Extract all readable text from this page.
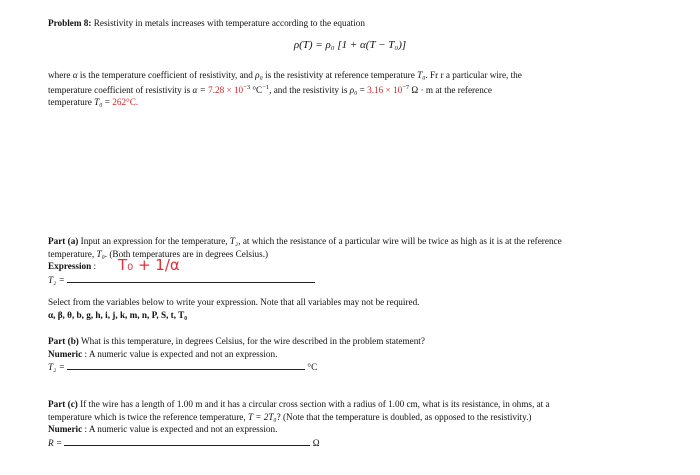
Problem 8: Resistivity in metals increases with temperature according to the equation
ρ(T) = ρ₀ [1 + α(T − T₀)]
where α is the temperature coefficient of resistivity, and ρ₀ is the resistivity at reference temperature T₀. Fr r a particular wire, the
temperature coefficient of resistivity is $\alpha = 7.28 \times 10^{-3}$ $^\circ C^{-1}$, and the resistivity is $\rho_0 = 3.16 \times 10^{-7}$ Ω · m at the reference
temperature T₀ = 262°C.
Part (a) Input an expression for the temperature, T₂, at which the resistance of a particular wire will be twice as high as it is at the reference
temperature, T₀. (Both temperatures are in degrees Celsius.)
Expression :
T₂ =
T₀ + 1/α
Select from the variables below to write your expression. Note that all variables may not be required.
α, β, θ, b, g, h, i, j, k, m, n, P, S, t, T₀
Part (b) What is this temperature, in degrees Celsius, for the wire described in the problem statement?
Numeric : A numeric value is expected and not an expression.
T₂ =	°C
Part (c) If the wire has a length of 1.00 m and it has a circular cross section with a radius of 1.00 cm, what is its resistance, in ohms, at a
temperature which is twice the reference temperature, T = 2T₀? (Note that the temperature is doubled, as opposed to the resistivity.)
Numeric : A numeric value is expected and not an expression.
R =	Ω
